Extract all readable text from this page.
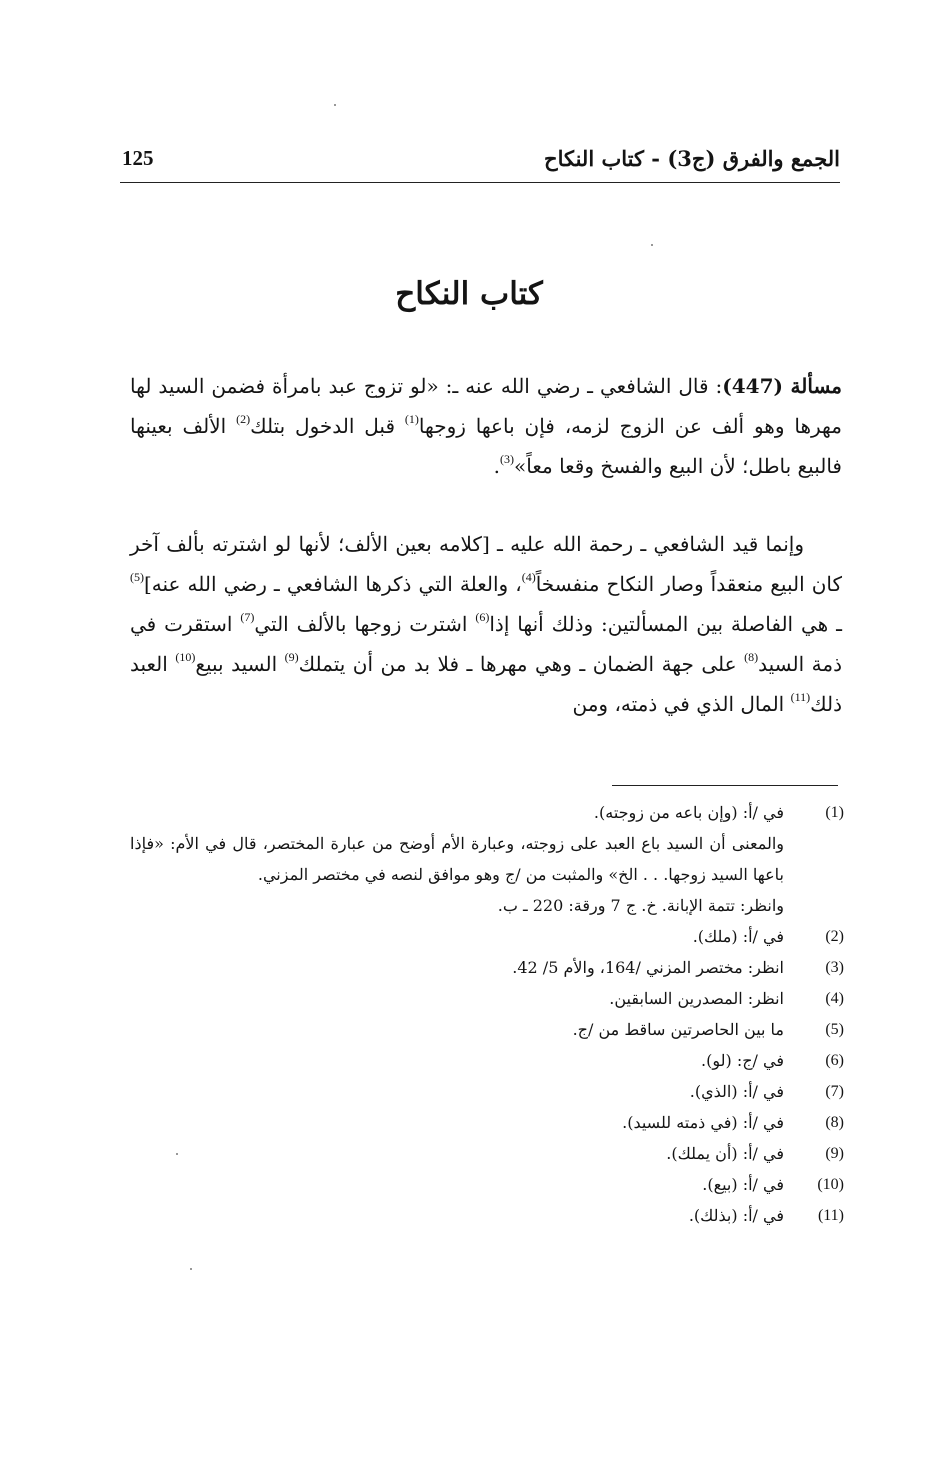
الجمع والفرق (ج3) - كتاب النكاح
125
كتاب النكاح

مسألة (447): قال الشافعي ـ رضي الله عنه ـ: «لو تزوج عبد بامرأة فضمن السيد لها مهرها وهو ألف عن الزوج لزمه، فإن باعها زوجها$^{(1)}$ قبل الدخول بتلك$^{(2)}$ الألف بعينها فالبيع باطل؛ لأن البيع والفسخ وقعا معاً»$^{(3)}$.

وإنما قيد الشافعي ـ رحمة الله عليه ـ [كلامه بعين الألف؛ لأنها لو اشترته بألف آخر كان البيع منعقداً وصار النكاح منفسخاً$^{(4)}$، والعلة التي ذكرها الشافعي ـ رضي الله عنه]$^{(5)}$ ـ هي الفاصلة بين المسألتين: وذلك أنها إذا$^{(6)}$ اشترت زوجها بالألف التي$^{(7)}$ استقرت في ذمة السيد$^{(8)}$ على جهة الضمان ـ وهي مهرها ـ فلا بد من أن يتملك$^{(9)}$ السيد ببيع$^{(10)}$ العبد ذلك$^{(11)}$ المال الذي في ذمته، ومن

(1)
في /أ: (وإن باعه من زوجته).
والمعنى أن السيد باع العبد على زوجته، وعبارة الأم أوضح من عبارة المختصر، قال في الأم: «فإذا باعها السيد زوجها. . . الخ» والمثبت من /ج وهو موافق لنصه في مختصر المزني.
وانظر: تتمة الإبانة. خ. ج 7 ورقة: 220 ـ ب.
(2)
في /أ: (ملك).
(3)
انظر: مختصر المزني /164، والأم 5/ 42.
(4)
انظر: المصدرين السابقين.
(5)
ما بين الحاصرتين ساقط من /ج.
(6)
في /ج: (لو).
(7)
في /أ: (الذي).
(8)
في /أ: (في ذمته للسيد).
(9)
في /أ: (أن يملك).
(10)
في /أ: (بيع).
(11)
في /أ: (بذلك).
